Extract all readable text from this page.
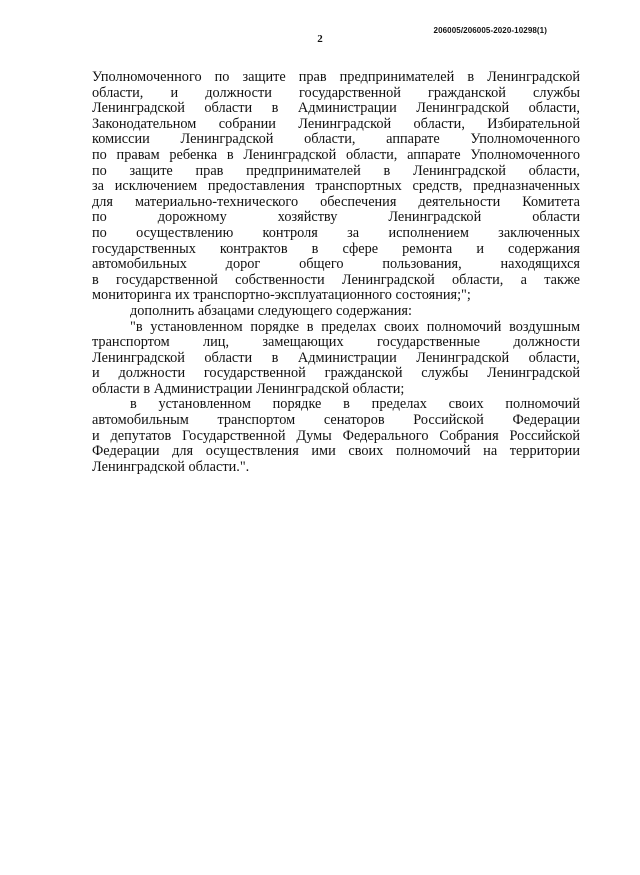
206005/206005-2020-10298(1)
2

Уполномоченного по защите прав предпринимателей в Ленинградской
области, и должности государственной гражданской службы
Ленинградской области в Администрации Ленинградской области,
Законодательном собрании Ленинградской области, Избирательной
комиссии Ленинградской области, аппарате Уполномоченного
по правам ребенка в Ленинградской области, аппарате Уполномоченного
по защите прав предпринимателей в Ленинградской области,
за исключением предоставления транспортных средств, предназначенных
для материально-технического обеспечения деятельности Комитета
по дорожному хозяйству Ленинградской области
по осуществлению контроля за исполнением заключенных
государственных контрактов в сфере ремонта и содержания
автомобильных дорог общего пользования, находящихся
в государственной собственности Ленинградской области, а также
мониторинга их транспортно-эксплуатационного состояния;";

дополнить абзацами следующего содержания:

"в установленном порядке в пределах своих полномочий воздушным
транспортом лиц, замещающих государственные должности
Ленинградской области в Администрации Ленинградской области,
и должности государственной гражданской службы Ленинградской
области в Администрации Ленинградской области;

в установленном порядке в пределах своих полномочий
автомобильным транспортом сенаторов Российской Федерации
и депутатов Государственной Думы Федерального Собрания Российской
Федерации для осуществления ими своих полномочий на территории
Ленинградской области.".
